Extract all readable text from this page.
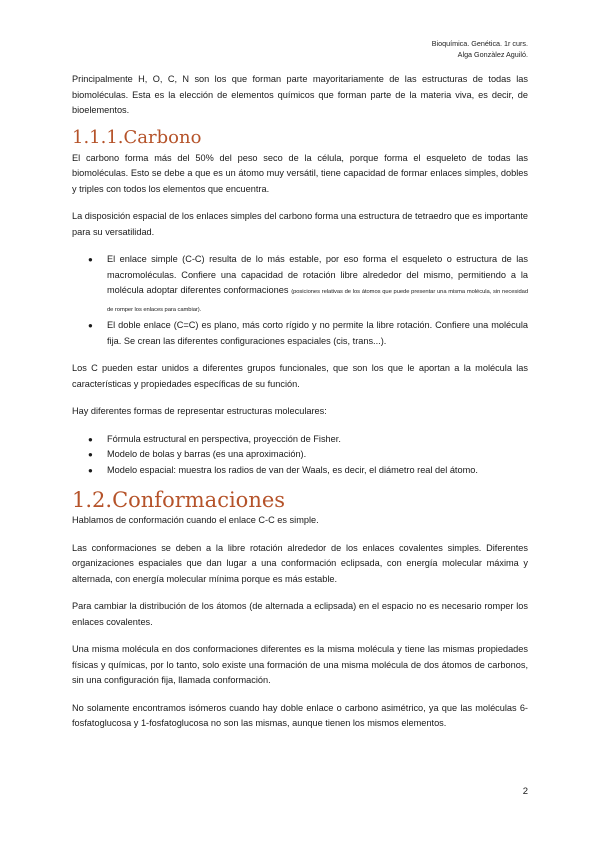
Bioquímica. Genética. 1r curs.
Alga Gonzàlez Aguiló.

Principalmente H, O, C, N son los que forman parte mayoritariamente de las estructuras de todas las biomoléculas. Esta es la elección de elementos químicos que forman parte de la materia viva, es decir, de bioelementos.

1.1.1.Carbono

El carbono forma más del 50% del peso seco de la célula, porque forma el esqueleto de todas las biomoléculas. Esto se debe a que es un átomo muy versátil, tiene capacidad de formar enlaces simples, dobles y triples con todos los elementos que encuentra.

La disposición espacial de los enlaces simples del carbono forma una estructura de tetraedro que es importante para su versatilidad.

● El enlace simple (C-C) resulta de lo más estable, por eso forma el esqueleto o estructura de las macromoléculas. Confiere una capacidad de rotación libre alrededor del mismo, permitiendo a la molécula adoptar diferentes conformaciones (posiciones relativas de los átomos que puede presentar una misma molécula, sin necesidad de romper los enlaces para cambiar).
● El doble enlace (C=C) es plano, más corto rígido y no permite la libre rotación. Confiere una molécula fija. Se crean las diferentes configuraciones espaciales (cis, trans...).

Los C pueden estar unidos a diferentes grupos funcionales, que son los que le aportan a la molécula las características y propiedades específicas de su función.

Hay diferentes formas de representar estructuras moleculares:

● Fórmula estructural en perspectiva, proyección de Fisher.
● Modelo de bolas y barras (es una aproximación).
● Modelo espacial: muestra los radios de van der Waals, es decir, el diámetro real del átomo.
1.2.Conformaciones

Hablamos de conformación cuando el enlace C-C es simple.

Las conformaciones se deben a la libre rotación alrededor de los enlaces covalentes simples. Diferentes organizaciones espaciales que dan lugar a una conformación eclipsada, con energía molecular máxima y alternada, con energía molecular mínima porque es más estable.

Para cambiar la distribución de los átomos (de alternada a eclipsada) en el espacio no es necesario romper los enlaces covalentes.

Una misma molécula en dos conformaciones diferentes es la misma molécula y tiene las mismas propiedades físicas y químicas, por lo tanto, solo existe una formación de una misma molécula de dos átomos de carbonos, sin una configuración fija, llamada conformación.

No solamente encontramos isómeros cuando hay doble enlace o carbono asimétrico, ya que las moléculas 6-fosfatoglucosa y 1-fosfatoglucosa no son las mismas, aunque tienen los mismos elementos.

2
